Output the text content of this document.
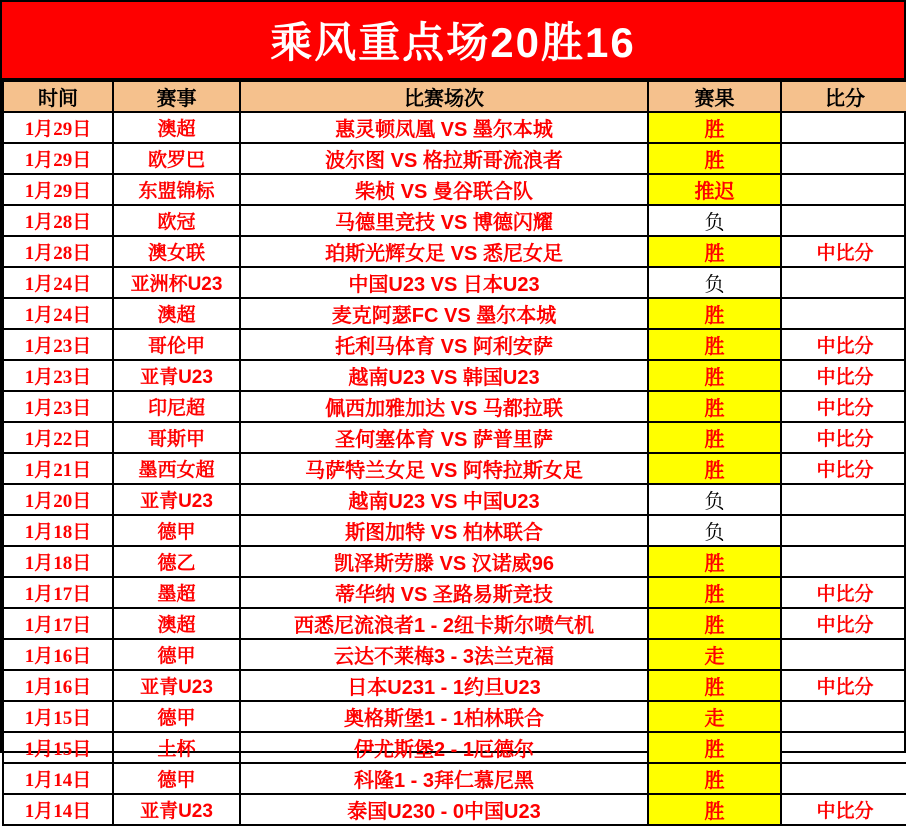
乘风重点场20胜16
时间	赛事	比赛场次	赛果	比分
1月29日	澳超	惠灵顿凤凰 VS 墨尔本城	胜	
1月29日	欧罗巴	波尔图 VS 格拉斯哥流浪者	胜	
1月29日	东盟锦标	柴桢 VS 曼谷联合队	推迟	
1月28日	欧冠	马德里竞技 VS 博德闪耀	负	
1月28日	澳女联	珀斯光辉女足 VS 悉尼女足	胜	中比分
1月24日	亚洲杯U23	中国U23 VS 日本U23	负	
1月24日	澳超	麦克阿瑟FC VS 墨尔本城	胜	
1月23日	哥伦甲	托利马体育 VS 阿利安萨	胜	中比分
1月23日	亚青U23	越南U23 VS 韩国U23	胜	中比分
1月23日	印尼超	佩西加雅加达 VS 马都拉联	胜	中比分
1月22日	哥斯甲	圣何塞体育 VS 萨普里萨	胜	中比分
1月21日	墨西女超	马萨特兰女足 VS 阿特拉斯女足	胜	中比分
1月20日	亚青U23	越南U23 VS 中国U23	负	
1月18日	德甲	斯图加特 VS 柏林联合	负	
1月18日	德乙	凯泽斯劳滕 VS 汉诺威96	胜	
1月17日	墨超	蒂华纳 VS 圣路易斯竞技	胜	中比分
1月17日	澳超	西悉尼流浪者1 - 2纽卡斯尔喷气机	胜	中比分
1月16日	德甲	云达不莱梅3 - 3法兰克福	走	
1月16日	亚青U23	日本U231 - 1约旦U23	胜	中比分
1月15日	德甲	奥格斯堡1 - 1柏林联合	走	
1月15日	土杯	伊尤斯堡2 - 1厄德尔	胜	
1月14日	德甲	科隆1 - 3拜仁慕尼黑	胜	
1月14日	亚青U23	泰国U230 - 0中国U23	胜	中比分
